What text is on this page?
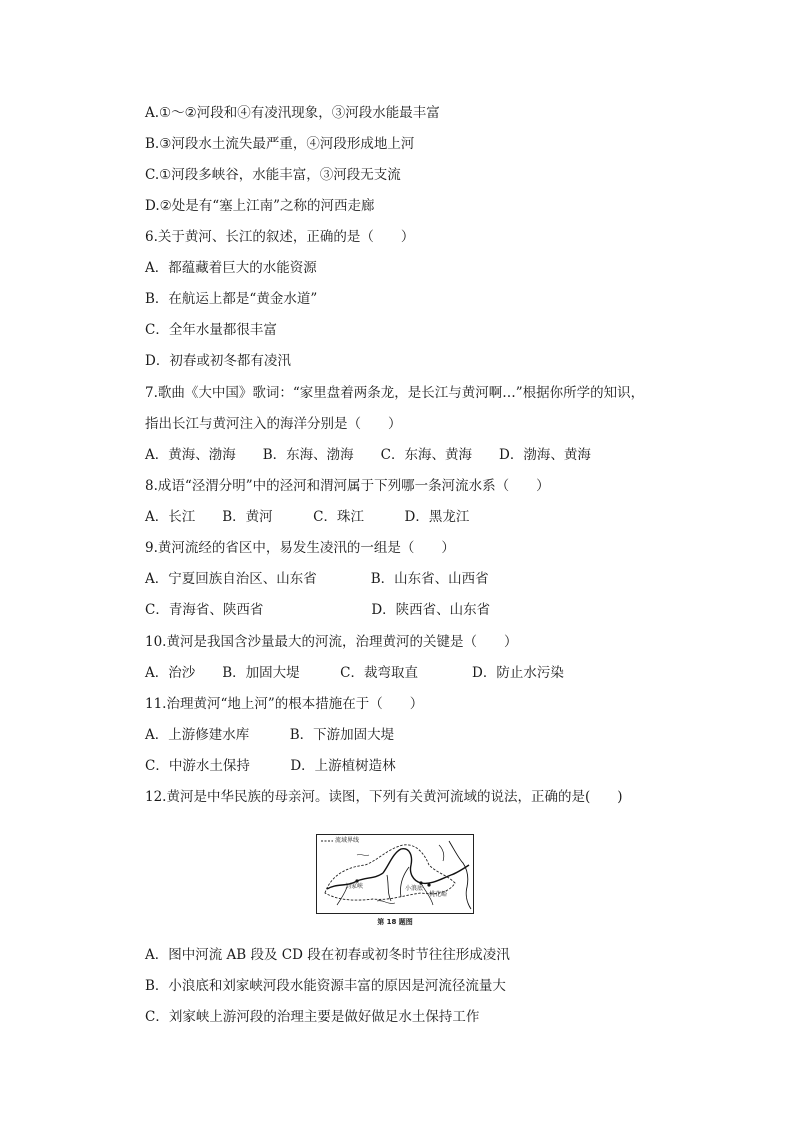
A.①～②河段和④有凌汛现象，③河段水能最丰富
B.③河段水土流失最严重，④河段形成地上河
C.①河段多峡谷，水能丰富，③河段无支流
D.②处是有“塞上江南”之称的河西走廊
6.关于黄河、长江的叙述，正确的是（　　）
A．都蕴藏着巨大的水能资源
B．在航运上都是“黄金水道”
C．全年水量都很丰富
D．初春或初冬都有凌汛
7.歌曲《大中国》歌词：“家里盘着两条龙，是长江与黄河啊…”根据你所学的知识，
指出长江与黄河注入的海洋分别是（　　）
A．黄海、渤海　　B．东海、渤海　　C．东海、黄海　　D．渤海、黄海
8.成语“泾渭分明”中的泾河和渭河属于下列哪一条河流水系（　　）
A．长江　　B．黄河　　　C．珠江　　　D．黑龙江
9.黄河流经的省区中，易发生凌汛的一组是（　　）
A．宁夏回族自治区、山东省　　　　B．山东省、山西省
C．青海省、陕西省　　　　　　　　D．陕西省、山东省
10.黄河是我国含沙量最大的河流，治理黄河的关键是（　　）
A．治沙　　B．加固大堤　　　C．裁弯取直　　　　D．防止水污染
11.治理黄河“地上河”的根本措施在于（　　）
A．上游修建水库　　　B．下游加固大堤
C．中游水土保持　　　D．上游植树造林
12.黄河是中华民族的母亲河。读图，下列有关黄河流域的说法，正确的是(　　)
流域界线
刘家峡	小浪底
桃花峪
第 18 题图
A．图中河流 AB 段及 CD 段在初春或初冬时节往往形成凌汛
B．小浪底和刘家峡河段水能资源丰富的原因是河流径流量大
C．刘家峡上游河段的治理主要是做好做足水土保持工作
